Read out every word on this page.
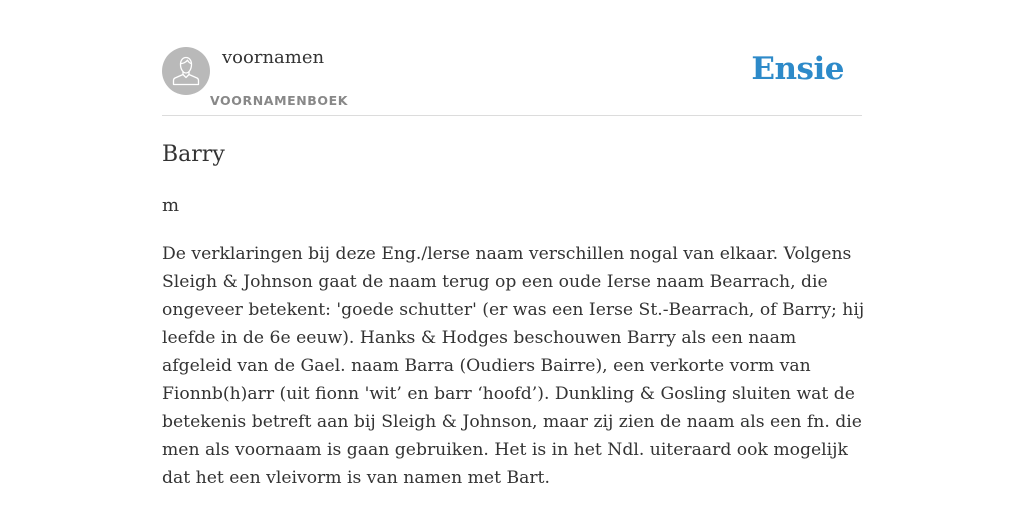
voornamen
VOORNAMENBOEK
Ensie
Barry
m

De verklaringen bij deze Eng./lerse naam verschillen nogal van elkaar. Volgens Sleigh & Johnson gaat de naam terug op een oude Ierse naam Bearrach, die ongeveer betekent: 'goede schutter' (er was een Ierse St.-Bearrach, of Barry; hij leefde in de 6e eeuw). Hanks & Hodges beschouwen Barry als een naam afgeleid van de Gael. naam Barra (Oudiers Bairre), een verkorte vorm van Fionnb(h)arr (uit fionn 'wit’ en barr ‘hoofd’). Dunkling & Gosling sluiten wat de betekenis betreft aan bij Sleigh & Johnson, maar zij zien de naam als een fn. die men als voornaam is gaan gebruiken. Het is in het Ndl. uiteraard ook mogelijk dat het een vleivorm is van namen met Bart.
